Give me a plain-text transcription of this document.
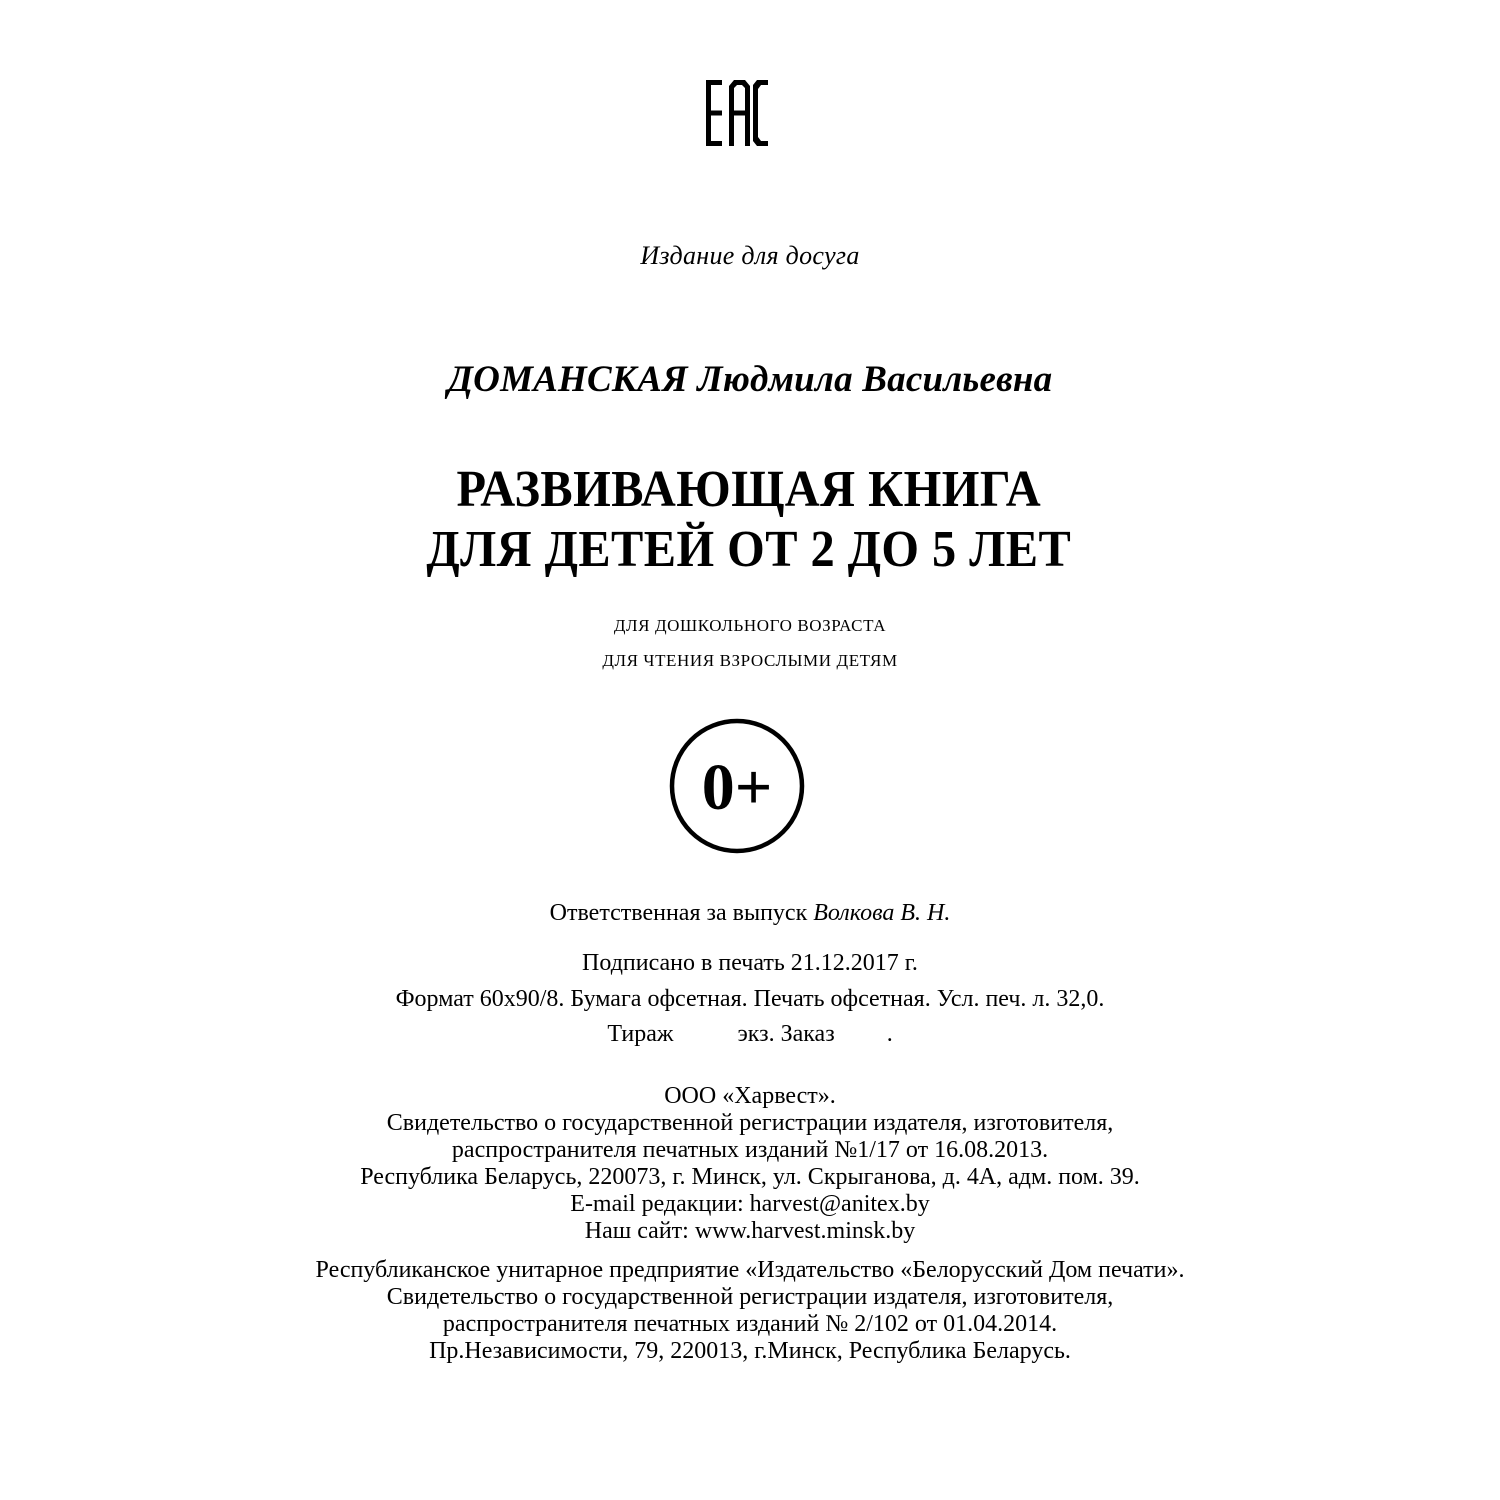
Издание для досуга
ДОМАНСКАЯ Людмила Васильевна
РАЗВИВАЮЩАЯ КНИГА
ДЛЯ ДЕТЕЙ ОТ 2 ДО 5 ЛЕТ
ДЛЯ ДОШКОЛЬНОГО ВОЗРАСТА
ДЛЯ ЧТЕНИЯ ВЗРОСЛЫМИ ДЕТЯМ
0+
Ответственная за выпуск Волкова В. Н.
Подписано в печать 21.12.2017 г.
Формат 60x90/8. Бумага офсетная. Печать офсетная. Усл. печ. л. 32,0.
Тираж	экз. Заказ .
ООО «Харвест».
Свидетельство о государственной регистрации издателя, изготовителя,
распространителя печатных изданий №1/17 от 16.08.2013.
Республика Беларусь, 220073, г. Минск, ул. Скрыганова, д. 4А, адм. пом. 39.
E-mail редакции: harvest@anitex.by
Наш сайт: www.harvest.minsk.by
Республиканское унитарное предприятие «Издательство «Белорусский Дом печати».
Свидетельство о государственной регистрации издателя, изготовителя,
распространителя печатных изданий № 2/102 от 01.04.2014.
Пр.Независимости, 79, 220013, г.Минск, Республика Беларусь.
